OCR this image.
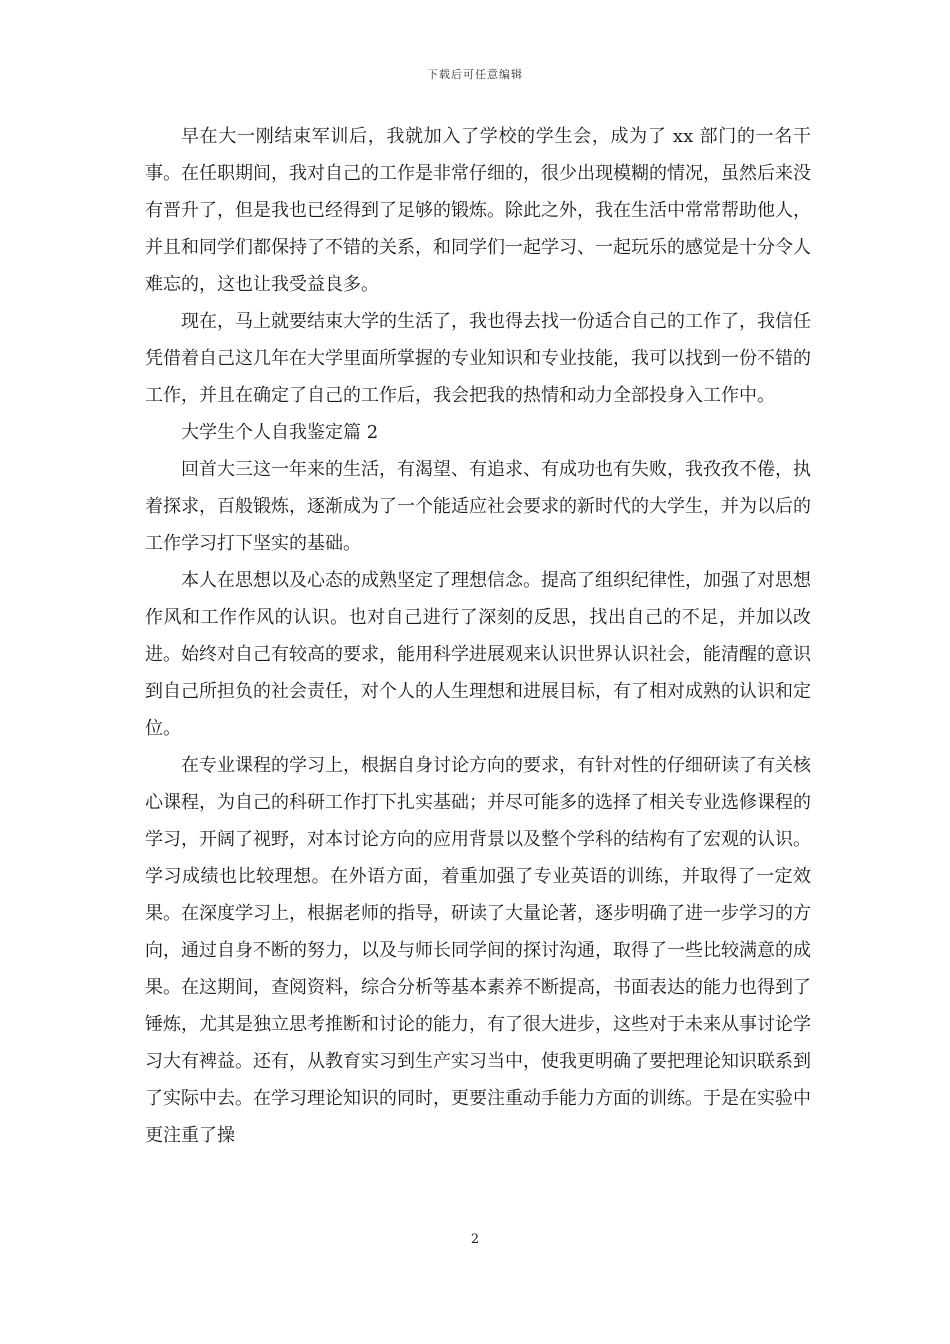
下载后可任意编辑

早在大一刚结束军训后，我就加入了学校的学生会，成为了 xx 部门的一名干事。在任职期间，我对自己的工作是非常仔细的，很少出现模糊的情况，虽然后来没有晋升了，但是我也已经得到了足够的锻炼。除此之外，我在生活中常常帮助他人，并且和同学们都保持了不错的关系，和同学们一起学习、一起玩乐的感觉是十分令人难忘的，这也让我受益良多。

现在，马上就要结束大学的生活了，我也得去找一份适合自己的工作了，我信任凭借着自己这几年在大学里面所掌握的专业知识和专业技能，我可以找到一份不错的工作，并且在确定了自己的工作后，我会把我的热情和动力全部投身入工作中。

大学生个人自我鉴定篇 2

回首大三这一年来的生活，有渴望、有追求、有成功也有失败，我孜孜不倦，执着探求，百般锻炼，逐渐成为了一个能适应社会要求的新时代的大学生，并为以后的工作学习打下坚实的基础。

本人在思想以及心态的成熟坚定了理想信念。提高了组织纪律性，加强了对思想作风和工作作风的认识。也对自己进行了深刻的反思，找出自己的不足，并加以改进。始终对自己有较高的要求，能用科学进展观来认识世界认识社会，能清醒的意识到自己所担负的社会责任，对个人的人生理想和进展目标，有了相对成熟的认识和定位。

在专业课程的学习上，根据自身讨论方向的要求，有针对性的仔细研读了有关核心课程，为自己的科研工作打下扎实基础；并尽可能多的选择了相关专业选修课程的学习，开阔了视野，对本讨论方向的应用背景以及整个学科的结构有了宏观的认识。学习成绩也比较理想。在外语方面，着重加强了专业英语的训练，并取得了一定效果。在深度学习上，根据老师的指导，研读了大量论著，逐步明确了进一步学习的方向，通过自身不断的努力，以及与师长同学间的探讨沟通，取得了一些比较满意的成果。在这期间，查阅资料，综合分析等基本素养不断提高，书面表达的能力也得到了锤炼，尤其是独立思考推断和讨论的能力，有了很大进步，这些对于未来从事讨论学习大有裨益。还有，从教育实习到生产实习当中，使我更明确了要把理论知识联系到了实际中去。在学习理论知识的同时，更要注重动手能力方面的训练。于是在实验中更注重了操

2
